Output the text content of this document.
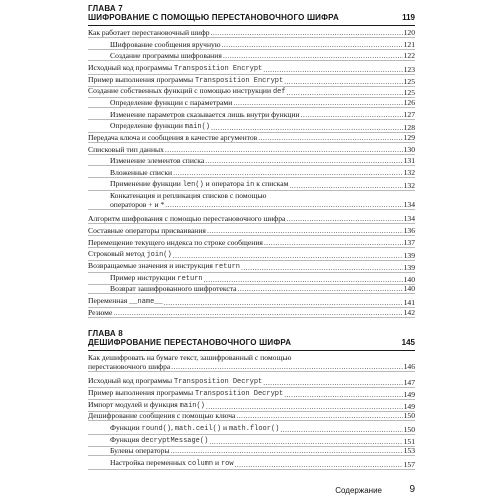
ГЛАВА 7
ШИФРОВАНИЕ С ПОМОЩЬЮ ПЕРЕСТАНОВОЧНОГО ШИФРА	119
Как работает перестановочный шифр .....	120
Шифрование сообщения вручную .....	121
Создание программы шифрования .....	122
Исходный код программы Transposition Encrypt .....	123
Пример выполнения программы Transposition Encrypt .....	125
Создание собственных функций с помощью инструкции def .....	125
Определение функции с параметрами .....	126
Изменение параметров сказывается лишь внутри функции .....	127
Определение функции main() .....	128
Передача ключа и сообщения в качестве аргументов .....	129
Списковый тип данных .....	130
Изменение элементов списка .....	131
Вложенные списки .....	132
Применение функции len() и оператора in к спискам .....	132
Конкатенация и репликация списков с помощью
операторов + и * .....	134
Алгоритм шифрования с помощью перестановочного шифра .....	134
Составные операторы присваивания .....	136
Перемещение текущего индекса по строке сообщения .....	137
Строковый метод join() .....	139
Возвращаемые значения и инструкция return .....	139
Пример инструкции return .....	140
Возврат зашифрованного шифротекста .....	140
Переменная __name__ .....	141
Резюме .....	142
ГЛАВА 8
ДЕШИФРОВАНИЕ ПЕРЕСТАНОВОЧНОГО ШИФРА	145
Как дешифровать на бумаге текст, зашифрованный с помощью
перестановочного шифра .....	146
Исходный код программы Transposition Decrypt .....	147
Пример выполнения программы Transposition Decrypt .....	149
Импорт модулей и функция main() .....	149
Дешифрование сообщения с помощью ключа .....	150
Функции round(), math.ceil() и math.floor() .....	150
Функция decryptMessage() .....	151
Булевы операторы .....	153
Настройка переменных column и row .....	157
Содержание	9
